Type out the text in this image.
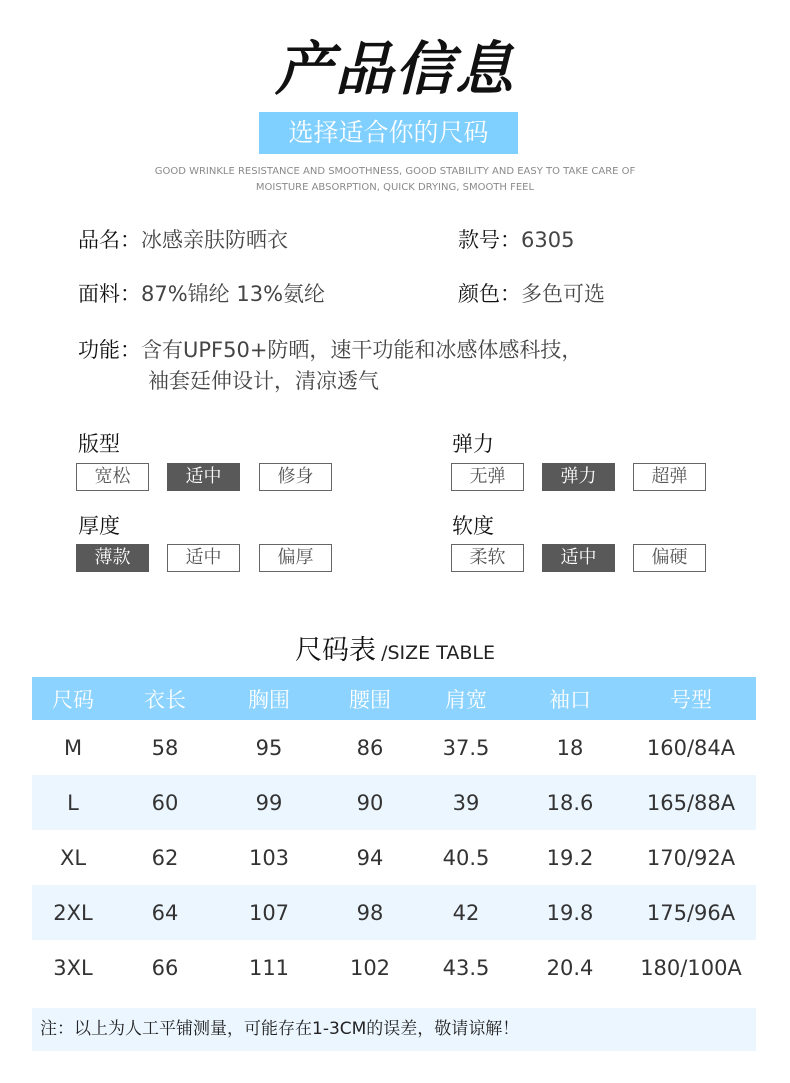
产品信息
选择适合你的尺码
GOOD WRINKLE RESISTANCE AND SMOOTHNESS, GOOD STABILITY AND EASY TO TAKE CARE OF
MOISTURE ABSORPTION, QUICK DRYING, SMOOTH FEEL
品名：冰感亲肤防晒衣	款号：6305
面料：87%锦纶 13%氨纶	颜色：多色可选
功能：含有UPF50+防晒，速干功能和冰感体感科技，
袖套廷伸设计，清凉透气
版型
宽松	适中	修身
弹力
无弹	弹力	超弹
厚度
薄款	适中	偏厚
软度
柔软	适中	偏硬
尺码表 /SIZE TABLE
尺码	衣长	胸围	腰围	肩宽	袖口	号型
M	58	95	86	37.5	18	160/84A
L	60	99	90	39	18.6	165/88A
XL	62	103	94	40.5	19.2	170/92A
2XL	64	107	98	42	19.8	175/96A
3XL	66	111	102	43.5	20.4	180/100A
注：以上为人工平铺测量，可能存在1-3CM的误差，敬请谅解！
